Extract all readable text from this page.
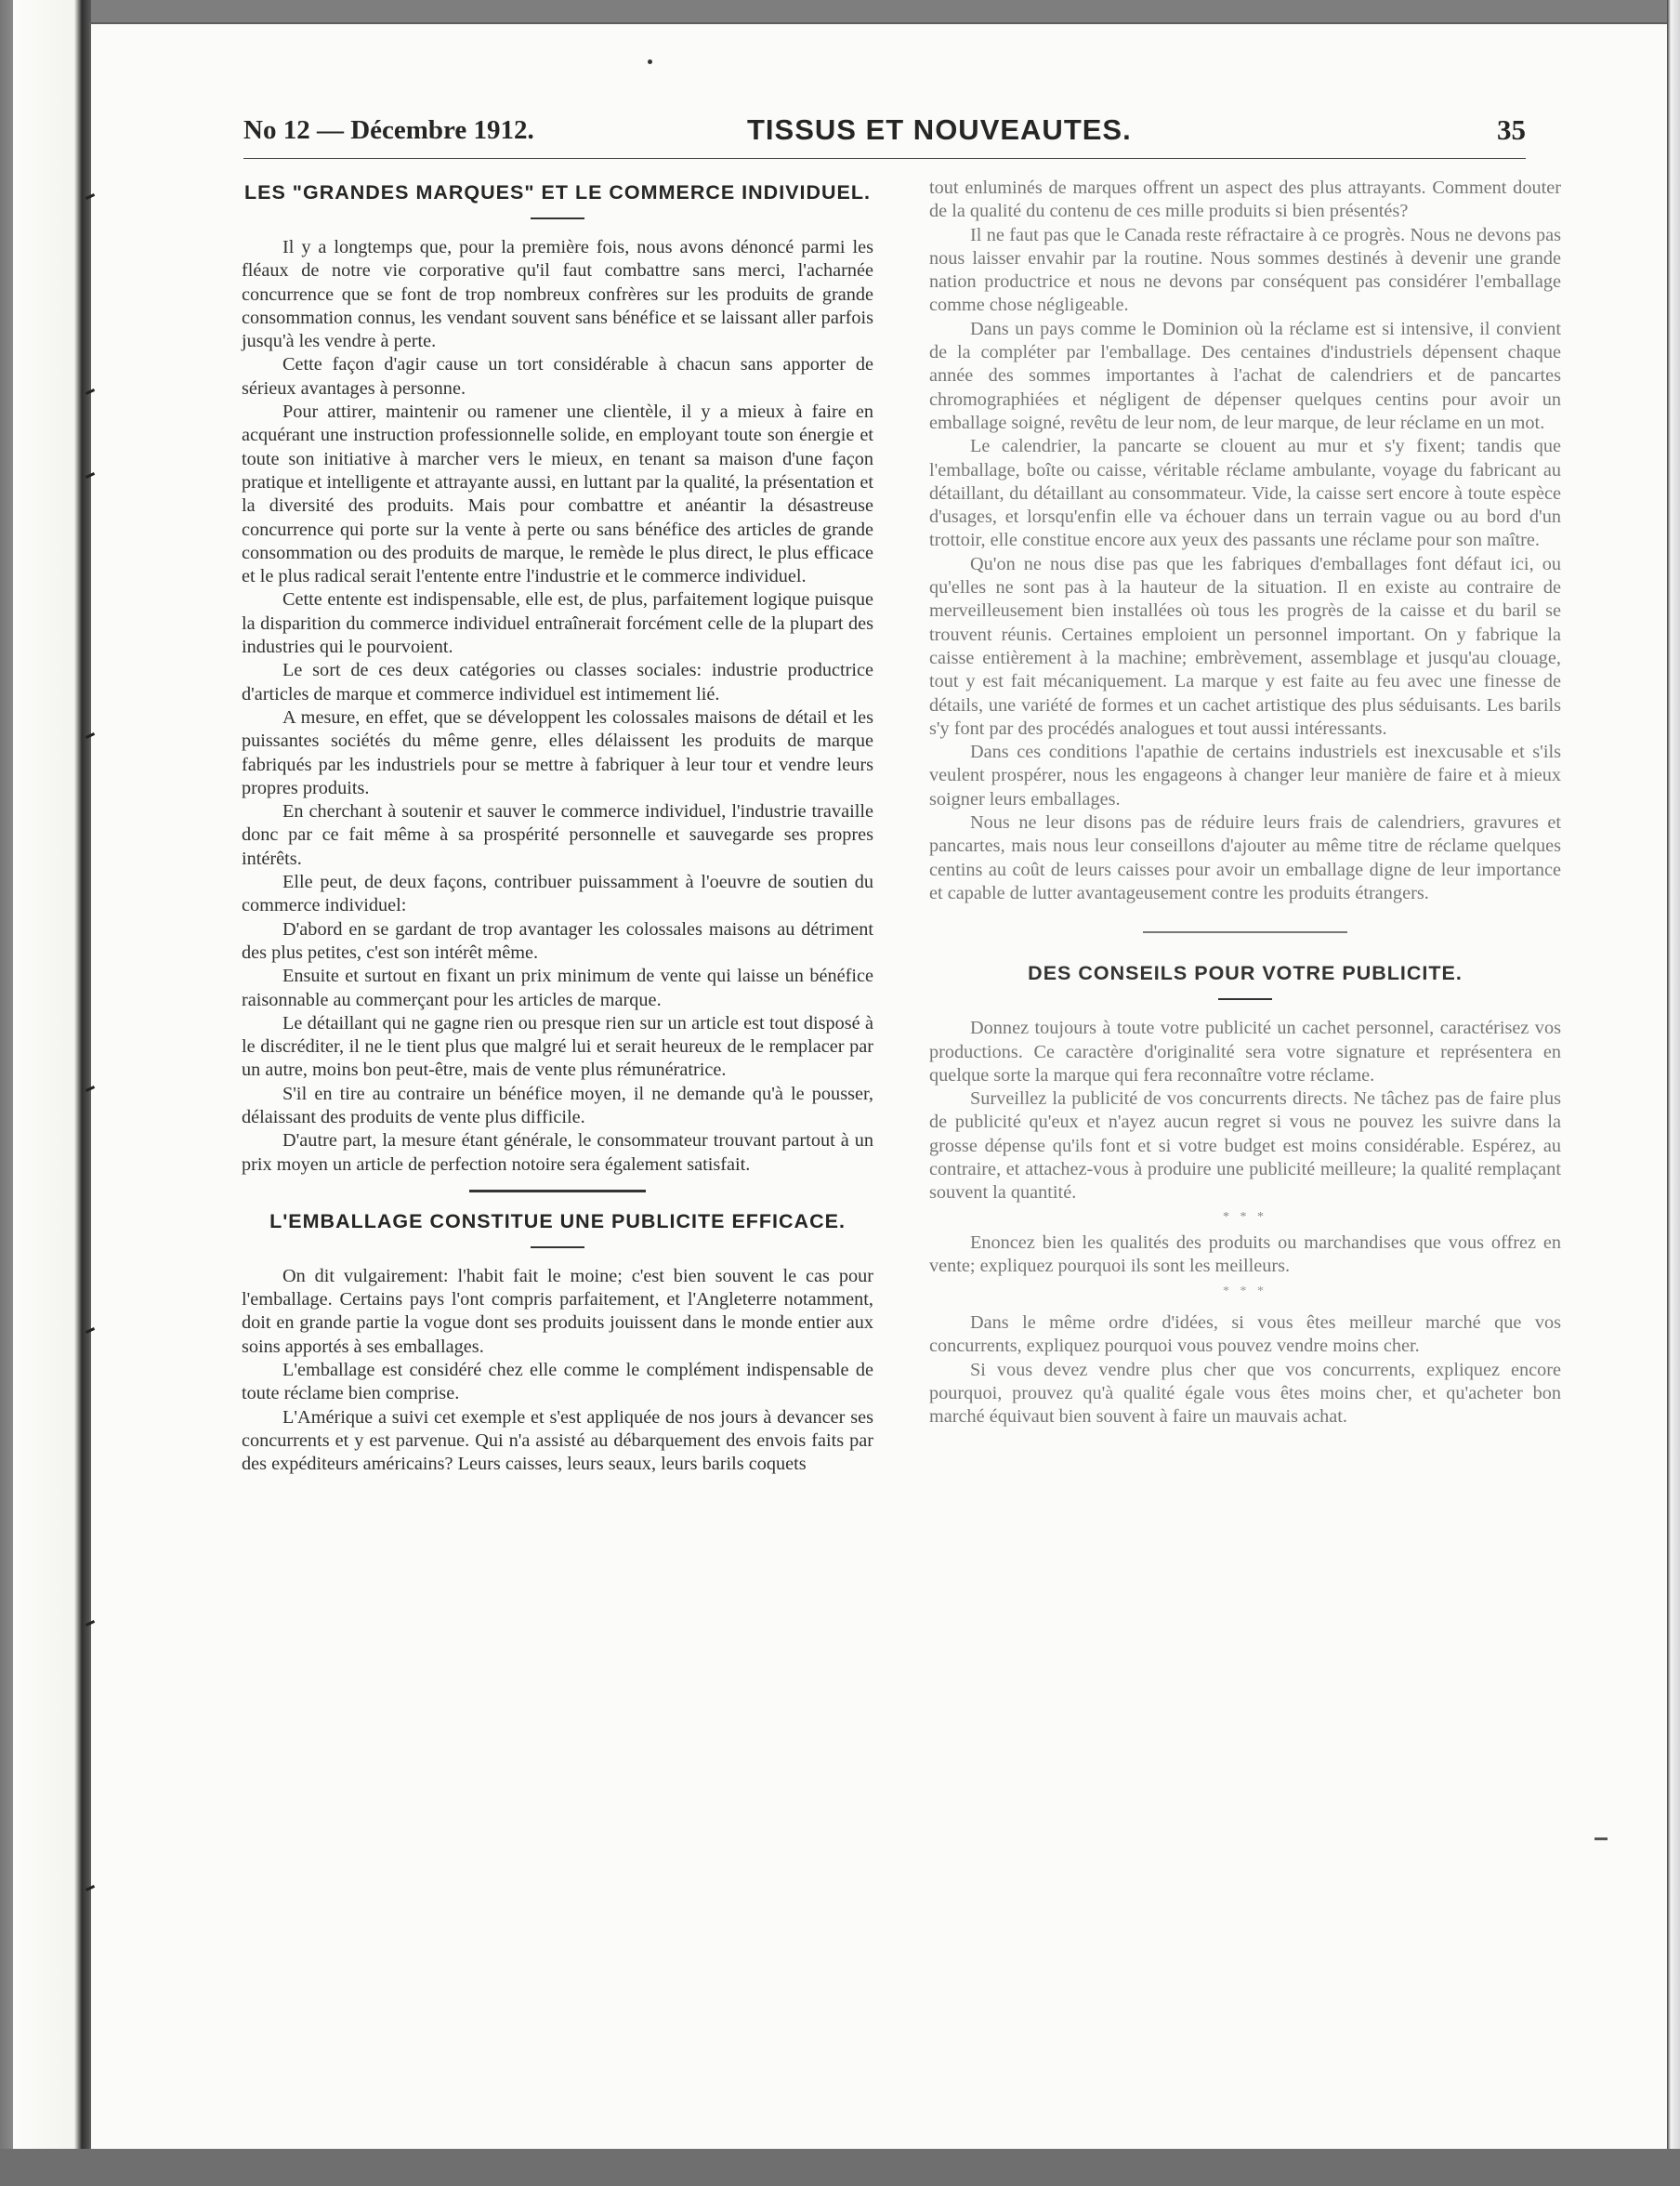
No 12 — Décembre 1912.	TISSUS ET NOUVEAUTES.	35
LES "GRANDES MARQUES" ET LE COMMERCE INDIVIDUEL.

Il y a longtemps que, pour la première fois, nous avons dénoncé parmi les fléaux de notre vie corporative qu'il faut combattre sans merci, l'acharnée concurrence que se font de trop nombreux confrères sur les produits de grande consommation connus, les vendant souvent sans bénéfice et se laissant aller parfois jusqu'à les vendre à perte.

Cette façon d'agir cause un tort considérable à chacun sans apporter de sérieux avantages à personne.

Pour attirer, maintenir ou ramener une clientèle, il y a mieux à faire en acquérant une instruction professionnelle solide, en employant toute son énergie et toute son initiative à marcher vers le mieux, en tenant sa maison d'une façon pratique et intelligente et attrayante aussi, en luttant par la qualité, la présentation et la diversité des produits. Mais pour combattre et anéantir la désastreuse concurrence qui porte sur la vente à perte ou sans bénéfice des articles de grande consommation ou des produits de marque, le remède le plus direct, le plus efficace et le plus radical serait l'entente entre l'industrie et le commerce individuel.

Cette entente est indispensable, elle est, de plus, parfaitement logique puisque la disparition du commerce individuel entraînerait forcément celle de la plupart des industries qui le pourvoient.

Le sort de ces deux catégories ou classes sociales: industrie productrice d'articles de marque et commerce individuel est intimement lié.

A mesure, en effet, que se développent les colossales maisons de détail et les puissantes sociétés du même genre, elles délaissent les produits de marque fabriqués par les industriels pour se mettre à fabriquer à leur tour et vendre leurs propres produits.

En cherchant à soutenir et sauver le commerce individuel, l'industrie travaille donc par ce fait même à sa prospérité personnelle et sauvegarde ses propres intérêts.

Elle peut, de deux façons, contribuer puissamment à l'oeuvre de soutien du commerce individuel:

D'abord en se gardant de trop avantager les colossales maisons au détriment des plus petites, c'est son intérêt même.

Ensuite et surtout en fixant un prix minimum de vente qui laisse un bénéfice raisonnable au commerçant pour les articles de marque.

Le détaillant qui ne gagne rien ou presque rien sur un article est tout disposé à le discréditer, il ne le tient plus que malgré lui et serait heureux de le remplacer par un autre, moins bon peut-être, mais de vente plus rémunératrice.

S'il en tire au contraire un bénéfice moyen, il ne demande qu'à le pousser, délaissant des produits de vente plus difficile.

D'autre part, la mesure étant générale, le consommateur trouvant partout à un prix moyen un article de perfection notoire sera également satisfait.

L'EMBALLAGE CONSTITUE UNE PUBLICITE EFFICACE.

On dit vulgairement: l'habit fait le moine; c'est bien souvent le cas pour l'emballage. Certains pays l'ont compris parfaitement, et l'Angleterre notamment, doit en grande partie la vogue dont ses produits jouissent dans le monde entier aux soins apportés à ses emballages.

L'emballage est considéré chez elle comme le complément indispensable de toute réclame bien comprise.

L'Amérique a suivi cet exemple et s'est appliquée de nos jours à devancer ses concurrents et y est parvenue. Qui n'a assisté au débarquement des envois faits par des expéditeurs américains? Leurs caisses, leurs seaux, leurs barils coquets

tout enluminés de marques offrent un aspect des plus attrayants. Comment douter de la qualité du contenu de ces mille produits si bien présentés?

Il ne faut pas que le Canada reste réfractaire à ce progrès. Nous ne devons pas nous laisser envahir par la routine. Nous sommes destinés à devenir une grande nation productrice et nous ne devons par conséquent pas considérer l'emballage comme chose négligeable.

Dans un pays comme le Dominion où la réclame est si intensive, il convient de la compléter par l'emballage. Des centaines d'industriels dépensent chaque année des sommes importantes à l'achat de calendriers et de pancartes chromographiées et négligent de dépenser quelques centins pour avoir un emballage soigné, revêtu de leur nom, de leur marque, de leur réclame en un mot.

Le calendrier, la pancarte se clouent au mur et s'y fixent; tandis que l'emballage, boîte ou caisse, véritable réclame ambulante, voyage du fabricant au détaillant, du détaillant au consommateur. Vide, la caisse sert encore à toute espèce d'usages, et lorsqu'enfin elle va échouer dans un terrain vague ou au bord d'un trottoir, elle constitue encore aux yeux des passants une réclame pour son maître.

Qu'on ne nous dise pas que les fabriques d'emballages font défaut ici, ou qu'elles ne sont pas à la hauteur de la situation. Il en existe au contraire de merveilleusement bien installées où tous les progrès de la caisse et du baril se trouvent réunis. Certaines emploient un personnel important. On y fabrique la caisse entièrement à la machine; embrèvement, assemblage et jusqu'au clouage, tout y est fait mécaniquement. La marque y est faite au feu avec une finesse de détails, une variété de formes et un cachet artistique des plus séduisants. Les barils s'y font par des procédés analogues et tout aussi intéressants.

Dans ces conditions l'apathie de certains industriels est inexcusable et s'ils veulent prospérer, nous les engageons à changer leur manière de faire et à mieux soigner leurs emballages.

Nous ne leur disons pas de réduire leurs frais de calendriers, gravures et pancartes, mais nous leur conseillons d'ajouter au même titre de réclame quelques centins au coût de leurs caisses pour avoir un emballage digne de leur importance et capable de lutter avantageusement contre les produits étrangers.

DES CONSEILS POUR VOTRE PUBLICITE.

Donnez toujours à toute votre publicité un cachet personnel, caractérisez vos productions. Ce caractère d'originalité sera votre signature et représentera en quelque sorte la marque qui fera reconnaître votre réclame.

Surveillez la publicité de vos concurrents directs. Ne tâchez pas de faire plus de publicité qu'eux et n'ayez aucun regret si vous ne pouvez les suivre dans la grosse dépense qu'ils font et si votre budget est moins considérable. Espérez, au contraire, et attachez-vous à produire une publicité meilleure; la qualité remplaçant souvent la quantité.

* * *

Enoncez bien les qualités des produits ou marchandises que vous offrez en vente; expliquez pourquoi ils sont les meilleurs.

* * *

Dans le même ordre d'idées, si vous êtes meilleur marché que vos concurrents, expliquez pourquoi vous pouvez vendre moins cher.

Si vous devez vendre plus cher que vos concurrents, expliquez encore pourquoi, prouvez qu'à qualité égale vous êtes moins cher, et qu'acheter bon marché équivaut bien souvent à faire un mauvais achat.
